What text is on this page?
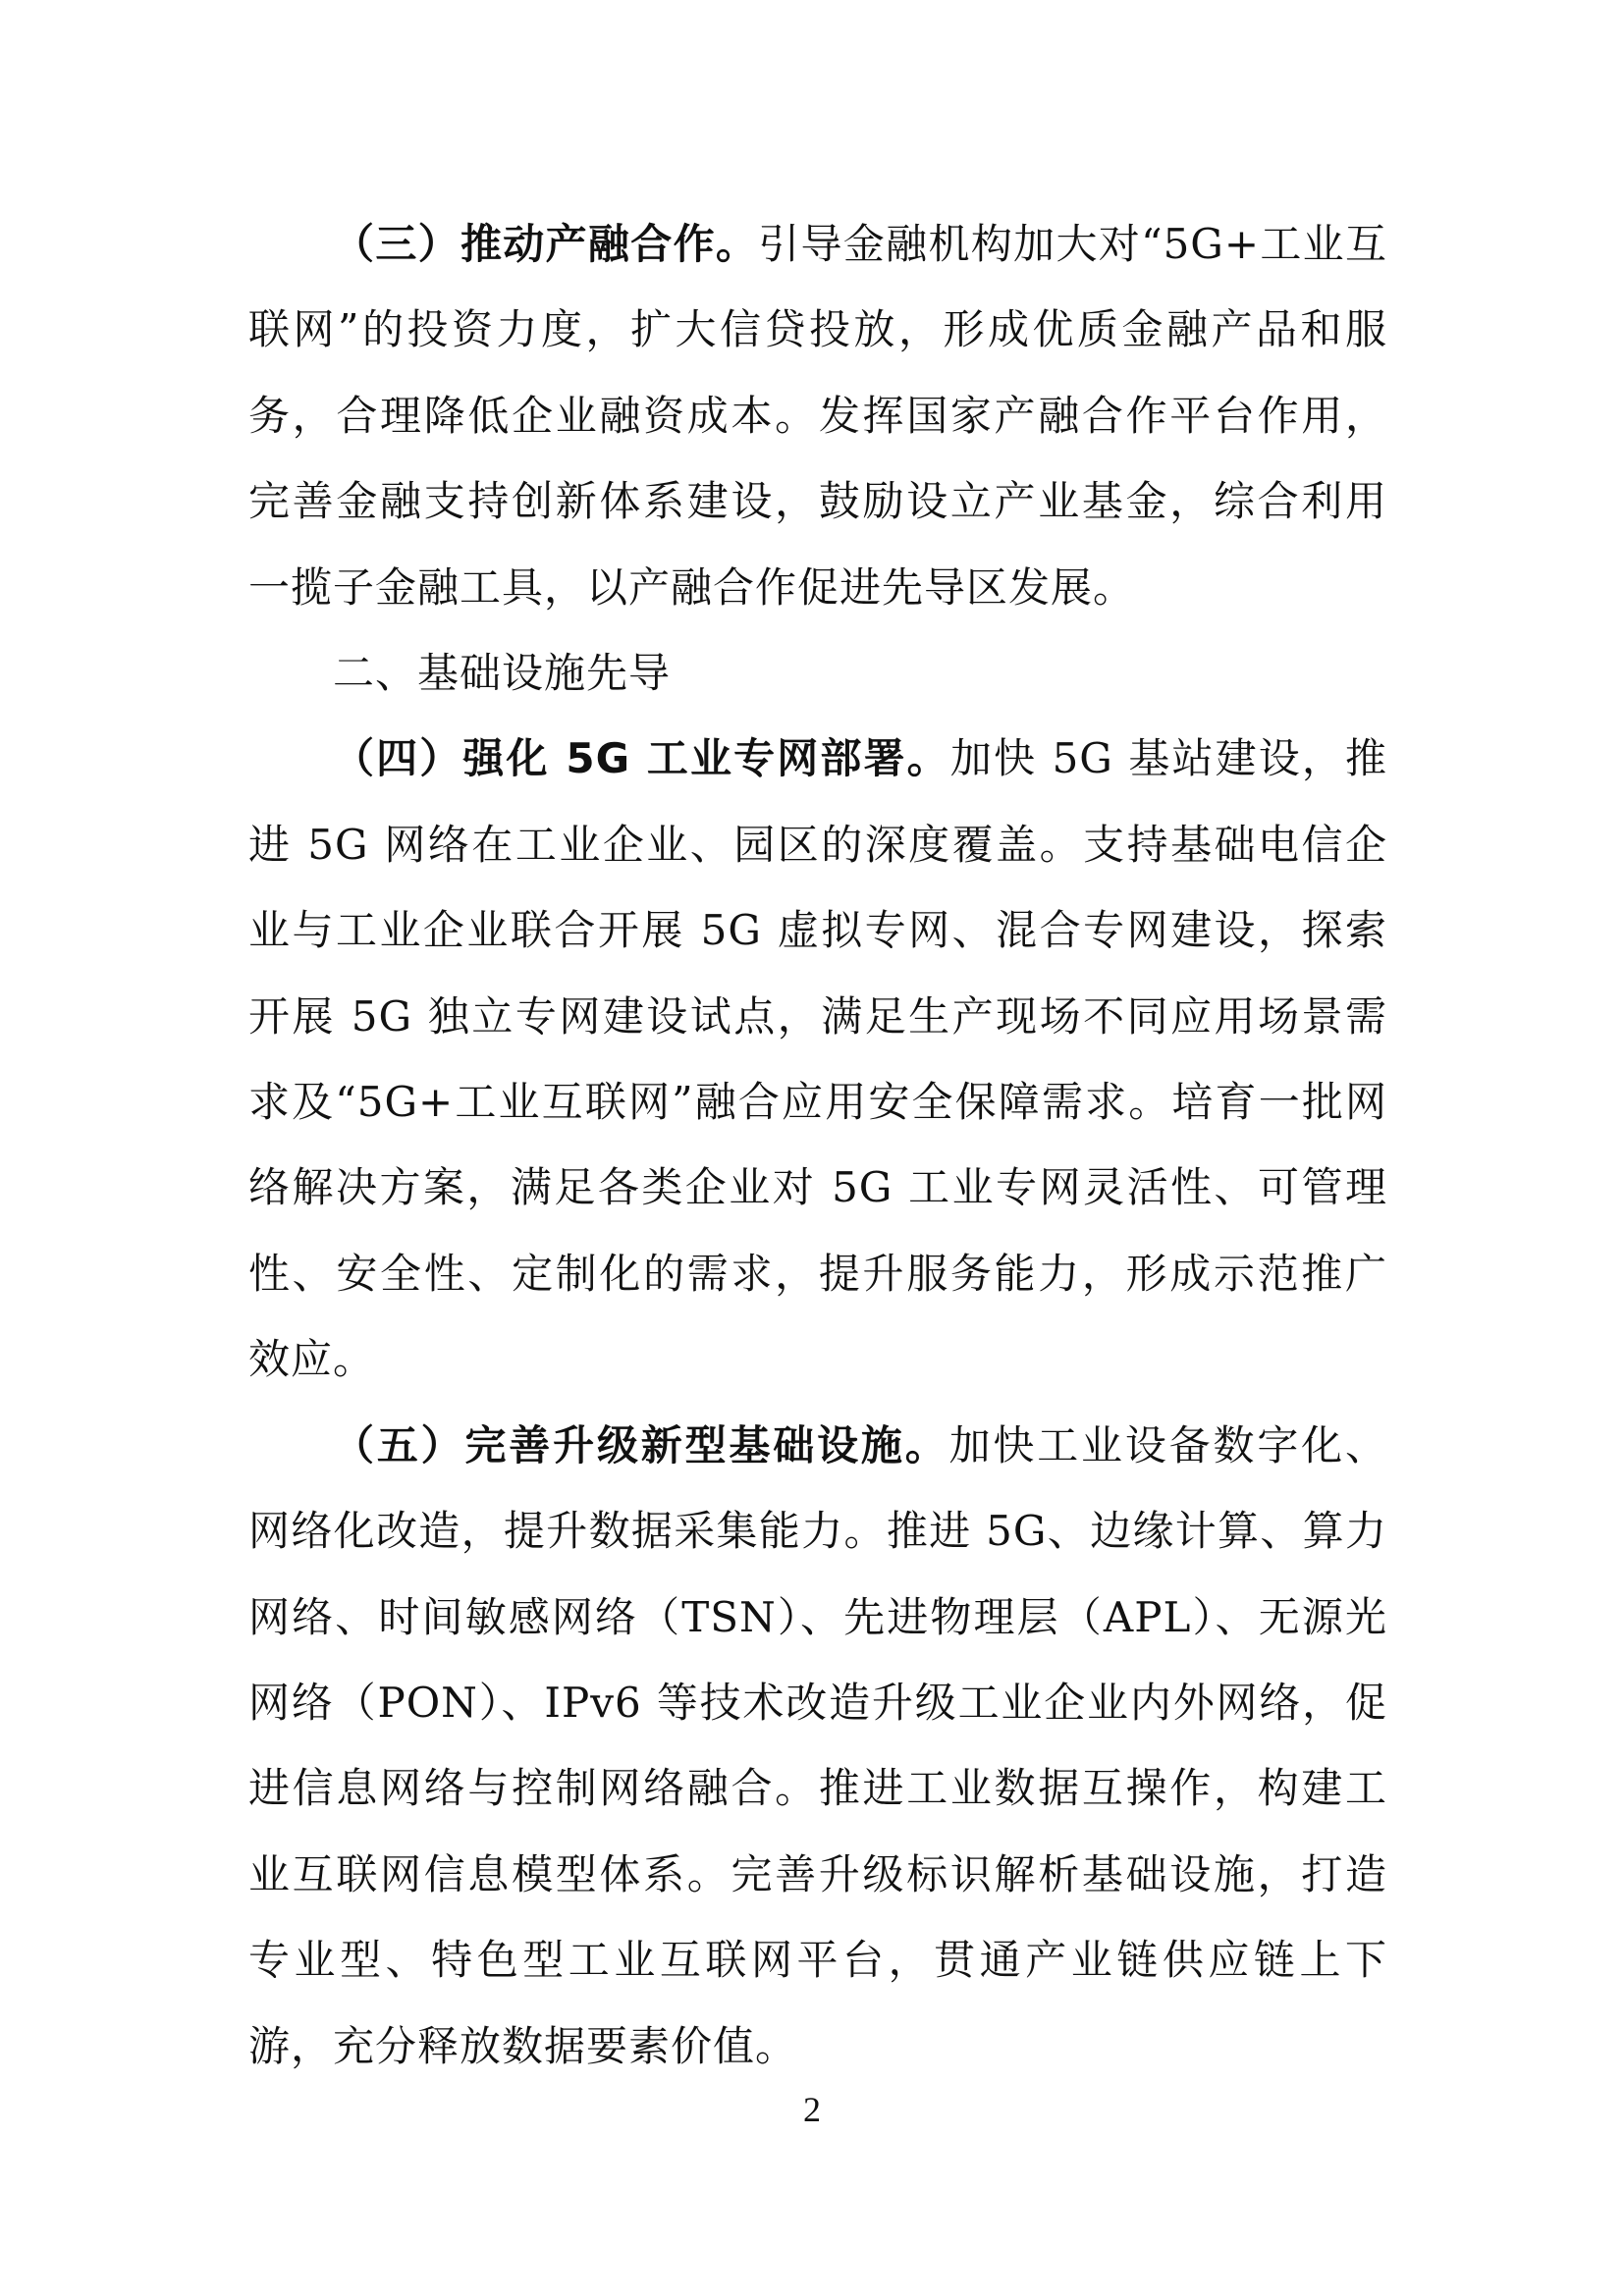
（三）推动产融合作。引导金融机构加大对“5G+工业互联网”的投资力度，扩大信贷投放，形成优质金融产品和服务，合理降低企业融资成本。发挥国家产融合作平台作用，完善金融支持创新体系建设，鼓励设立产业基金，综合利用一揽子金融工具，以产融合作促进先导区发展。

二、基础设施先导

（四）强化 5G 工业专网部署。加快 5G 基站建设，推进 5G 网络在工业企业、园区的深度覆盖。支持基础电信企业与工业企业联合开展 5G 虚拟专网、混合专网建设，探索开展 5G 独立专网建设试点，满足生产现场不同应用场景需求及“5G+工业互联网”融合应用安全保障需求。培育一批网络解决方案，满足各类企业对 5G 工业专网灵活性、可管理性、安全性、定制化的需求，提升服务能力，形成示范推广效应。

（五）完善升级新型基础设施。加快工业设备数字化、网络化改造，提升数据采集能力。推进 5G、边缘计算、算力网络、时间敏感网络（TSN）、先进物理层（APL）、无源光网络（PON）、IPv6 等技术改造升级工业企业内外网络，促进信息网络与控制网络融合。推进工业数据互操作，构建工业互联网信息模型体系。完善升级标识解析基础设施，打造专业型、特色型工业互联网平台，贯通产业链供应链上下游，充分释放数据要素价值。

2
